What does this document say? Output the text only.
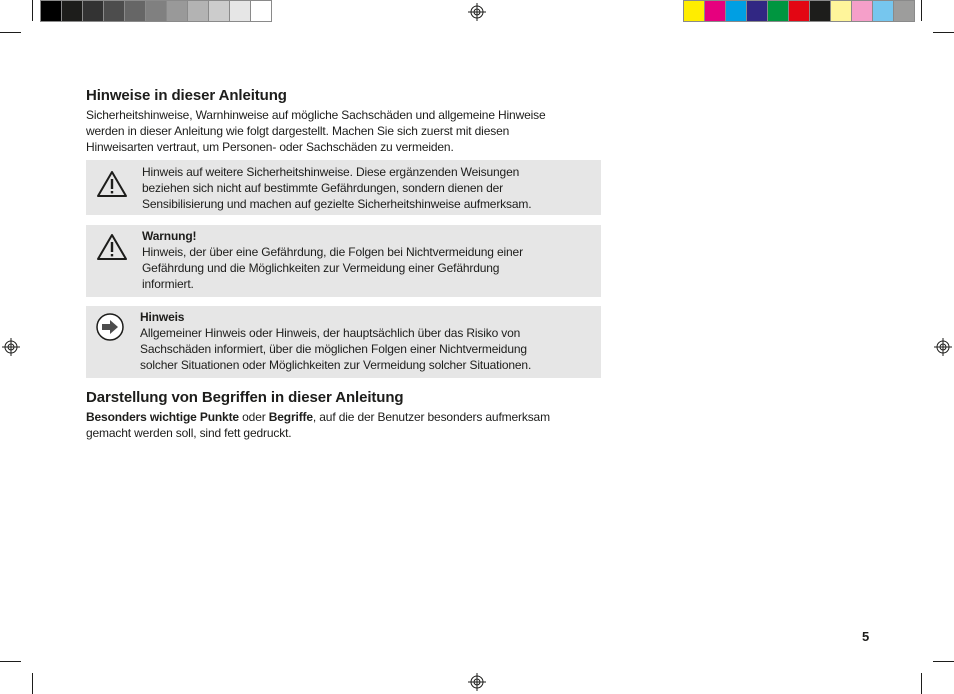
Hinweise in dieser Anleitung

Sicherheitshinweise, Warnhinweise auf mögliche Sachschäden und allgemeine Hinweise

werden in dieser Anleitung wie folgt dargestellt. Machen Sie sich zuerst mit diesen

Hinweisarten vertraut, um Personen- oder Sachschäden zu vermeiden.

Hinweis auf weitere Sicherheitshinweise. Diese ergänzenden Weisungen

beziehen sich nicht auf bestimmte Gefährdungen, sondern dienen der

Sensibilisierung und machen auf gezielte Sicherheitshinweise aufmerksam.

Warnung!

Hinweis, der über eine Gefährdung, die Folgen bei Nichtvermeidung einer

Gefährdung und die Möglichkeiten zur Vermeidung einer Gefährdung

informiert.

Hinweis

Allgemeiner Hinweis oder Hinweis, der hauptsächlich über das Risiko von

Sachschäden informiert, über die möglichen Folgen einer Nichtvermeidung

solcher Situationen oder Möglichkeiten zur Vermeidung solcher Situationen.

Darstellung von Begriffen in dieser Anleitung

Besonders wichtige Punkte oder Begriffe, auf die der Benutzer besonders aufmerksam

gemacht werden soll, sind fett gedruckt.

5
